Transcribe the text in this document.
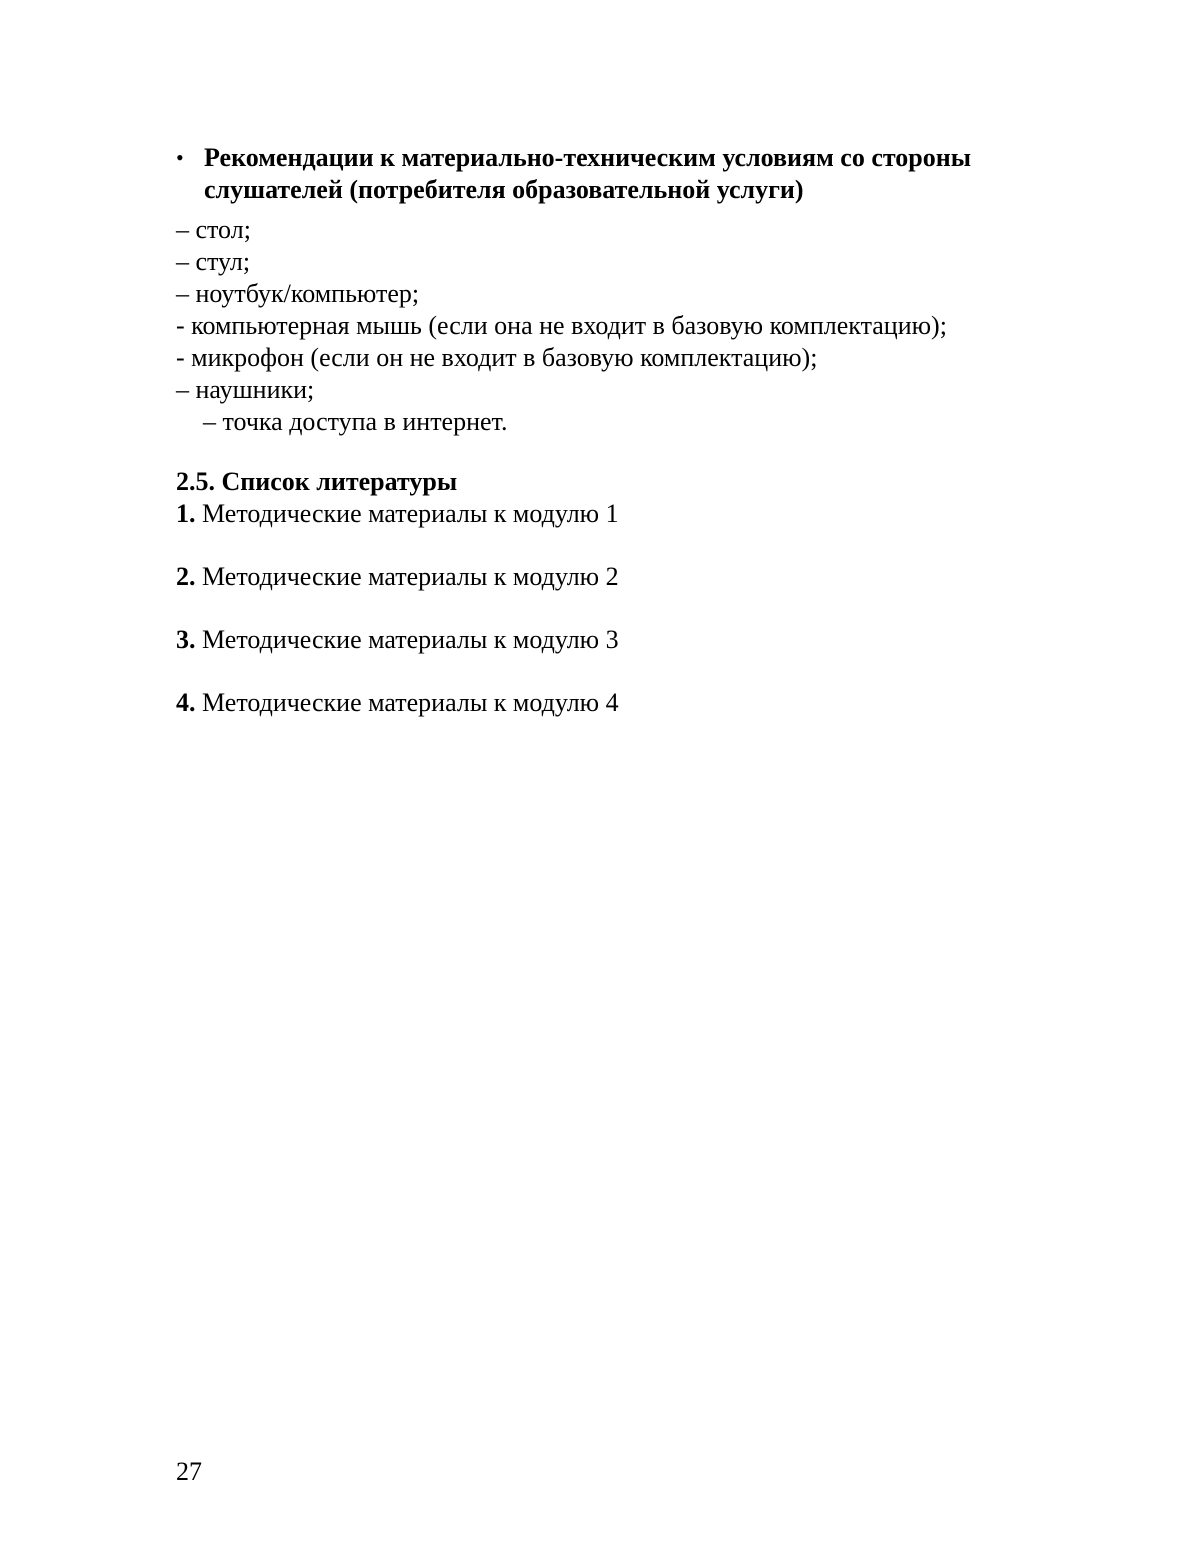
• Рекомендации к материально-техническим условиям со стороны слушателей (потребителя образовательной услуги)
– стол;
– стул;
– ноутбук/компьютер;
- компьютерная мышь (если она не входит в базовую комплектацию);
- микрофон (если он не входит в базовую комплектацию);
– наушники;
– точка доступа в интернет.
2.5. Список литературы
1. Методические материалы к модулю 1
2. Методические материалы к модулю 2
3. Методические материалы к модулю 3
4. Методические материалы к модулю 4
27
